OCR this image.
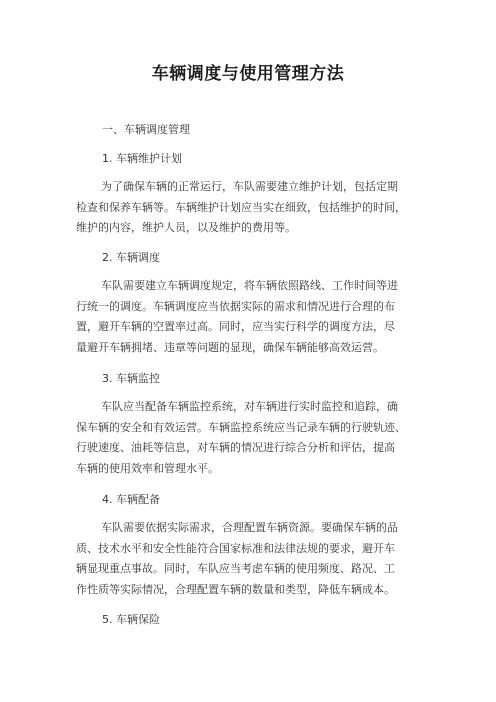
车辆调度与使用管理方法
一、车辆调度管理
1. 车辆维护计划
为了确保车辆的正常运行，车队需要建立维护计划，包括定期
检查和保养车辆等。车辆维护计划应当实在细致，包括维护的时间，
维护的内容，维护人员，以及维护的费用等。
2. 车辆调度
车队需要建立车辆调度规定，将车辆依照路线、工作时间等进
行统一的调度。车辆调度应当依据实际的需求和情况进行合理的布
置，避开车辆的空置率过高。同时，应当实行科学的调度方法，尽
量避开车辆拥堵、违章等问题的显现，确保车辆能够高效运营。
3. 车辆监控
车队应当配备车辆监控系统，对车辆进行实时监控和追踪，确
保车辆的安全和有效运营。车辆监控系统应当记录车辆的行驶轨迹、
行驶速度、油耗等信息，对车辆的情况进行综合分析和评估，提高
车辆的使用效率和管理水平。
4. 车辆配备
车队需要依据实际需求，合理配置车辆资源。要确保车辆的品
质、技术水平和安全性能符合国家标准和法律法规的要求，避开车
辆显现重点事故。同时，车队应当考虑车辆的使用频度、路况、工
作性质等实际情况，合理配置车辆的数量和类型，降低车辆成本。
5. 车辆保险
